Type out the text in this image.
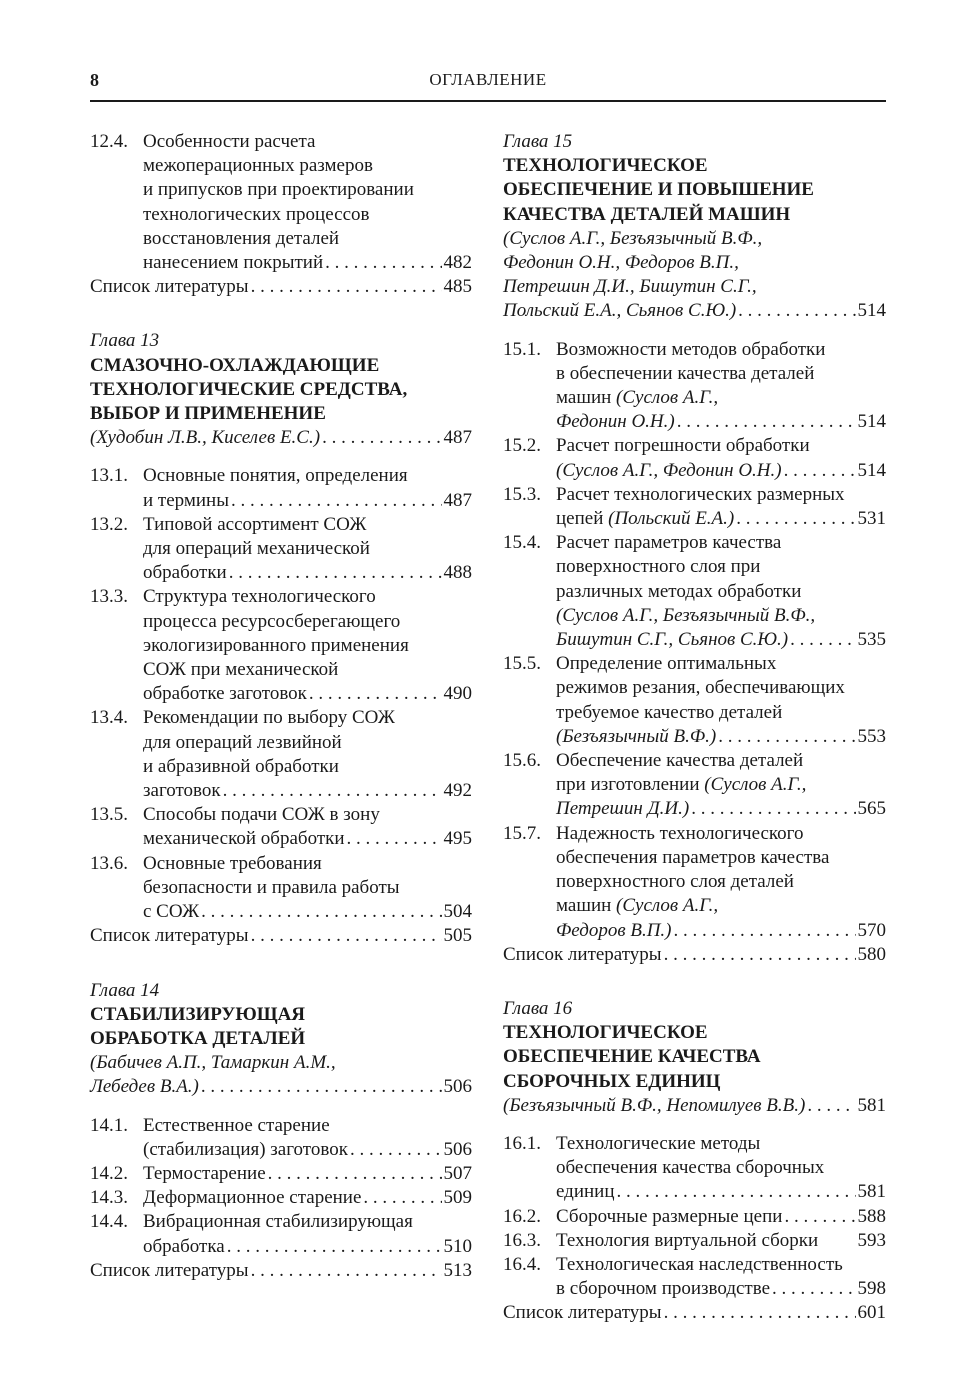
8	ОГЛАВЛЕНИЕ
12.4. Особенности расчета
межоперационных размеров
и припусков при проектировании
технологических процессов
восстановления деталей
нанесением покрытий . . .	482
Список литературы . . .	485
Глава 13
СМАЗОЧНО-ОХЛАЖДАЮЩИЕ
ТЕХНОЛОГИЧЕСКИЕ СРЕДСТВА,
ВЫБОР И ПРИМЕНЕНИЕ
(Худобин Л.В., Киселев Е.С.) . . .	487
13.1. Основные понятия, определения
и термины . . .	487
13.2. Типовой ассортимент СОЖ
для операций механической
обработки . . .	488
13.3. Структура технологического
процесса ресурсосберегающего
экологизированного применения
СОЖ при механической
обработке заготовок . . .	490
13.4. Рекомендации по выбору СОЖ
для операций лезвийной
и абразивной обработки
заготовок . . .	492
13.5. Способы подачи СОЖ в зону
механической обработки . . .	495
13.6. Основные требования
безопасности и правила работы
с СОЖ . . .	504
Список литературы . . .	505
Глава 14
СТАБИЛИЗИРУЮЩАЯ
ОБРАБОТКА ДЕТАЛЕЙ
(Бабичев А.П., Тамаркин А.М.,
Лебедев В.А.) . . .	506
14.1. Естественное старение
(стабилизация) заготовок . . .	506
14.2. Термостарение . . .	507
14.3. Деформационное старение . . .	509
14.4. Вибрационная стабилизирующая
обработка . . .	510
Список литературы . . .	513
Глава 15
ТЕХНОЛОГИЧЕСКОЕ
ОБЕСПЕЧЕНИЕ И ПОВЫШЕНИЕ
КАЧЕСТВА ДЕТАЛЕЙ МАШИН
(Суслов А.Г., Безъязычный В.Ф.,
Федонин О.Н., Федоров В.П.,
Петрешин Д.И., Бишутин С.Г.,
Польский Е.А., Сьянов С.Ю.) . . .	514
15.1. Возможности методов обработки
в обеспечении качества деталей
машин (Суслов А.Г.,
Федонин О.Н.) . . .	514
15.2. Расчет погрешности обработки
(Суслов А.Г., Федонин О.Н.) . . .	514
15.3. Расчет технологических размерных
цепей (Польский Е.А.) . . .	531
15.4. Расчет параметров качества
поверхностного слоя при
различных методах обработки
(Суслов А.Г., Безъязычный В.Ф.,
Бишутин С.Г., Сьянов С.Ю.) . . .	535
15.5. Определение оптимальных
режимов резания, обеспечивающих
требуемое качество деталей
(Безъязычный В.Ф.) . . .	553
15.6. Обеспечение качества деталей
при изготовлении (Суслов А.Г.,
Петрешин Д.И.) . . .	565
15.7. Надежность технологического
обеспечения параметров качества
поверхностного слоя деталей
машин (Суслов А.Г.,
Федоров В.П.) . . .	570
Список литературы . . .	580
Глава 16
ТЕХНОЛОГИЧЕСКОЕ
ОБЕСПЕЧЕНИЕ КАЧЕСТВА
СБОРОЧНЫХ ЕДИНИЦ
(Безъязычный В.Ф., Непомилуев В.В.) . . .	581
16.1. Технологические методы
обеспечения качества сборочных
единиц . . .	581
16.2. Сборочные размерные цепи . . .	588
16.3. Технология виртуальной сборки 593
16.4. Технологическая наследственность
в сборочном производстве . . .	598
Список литературы . . .	601
